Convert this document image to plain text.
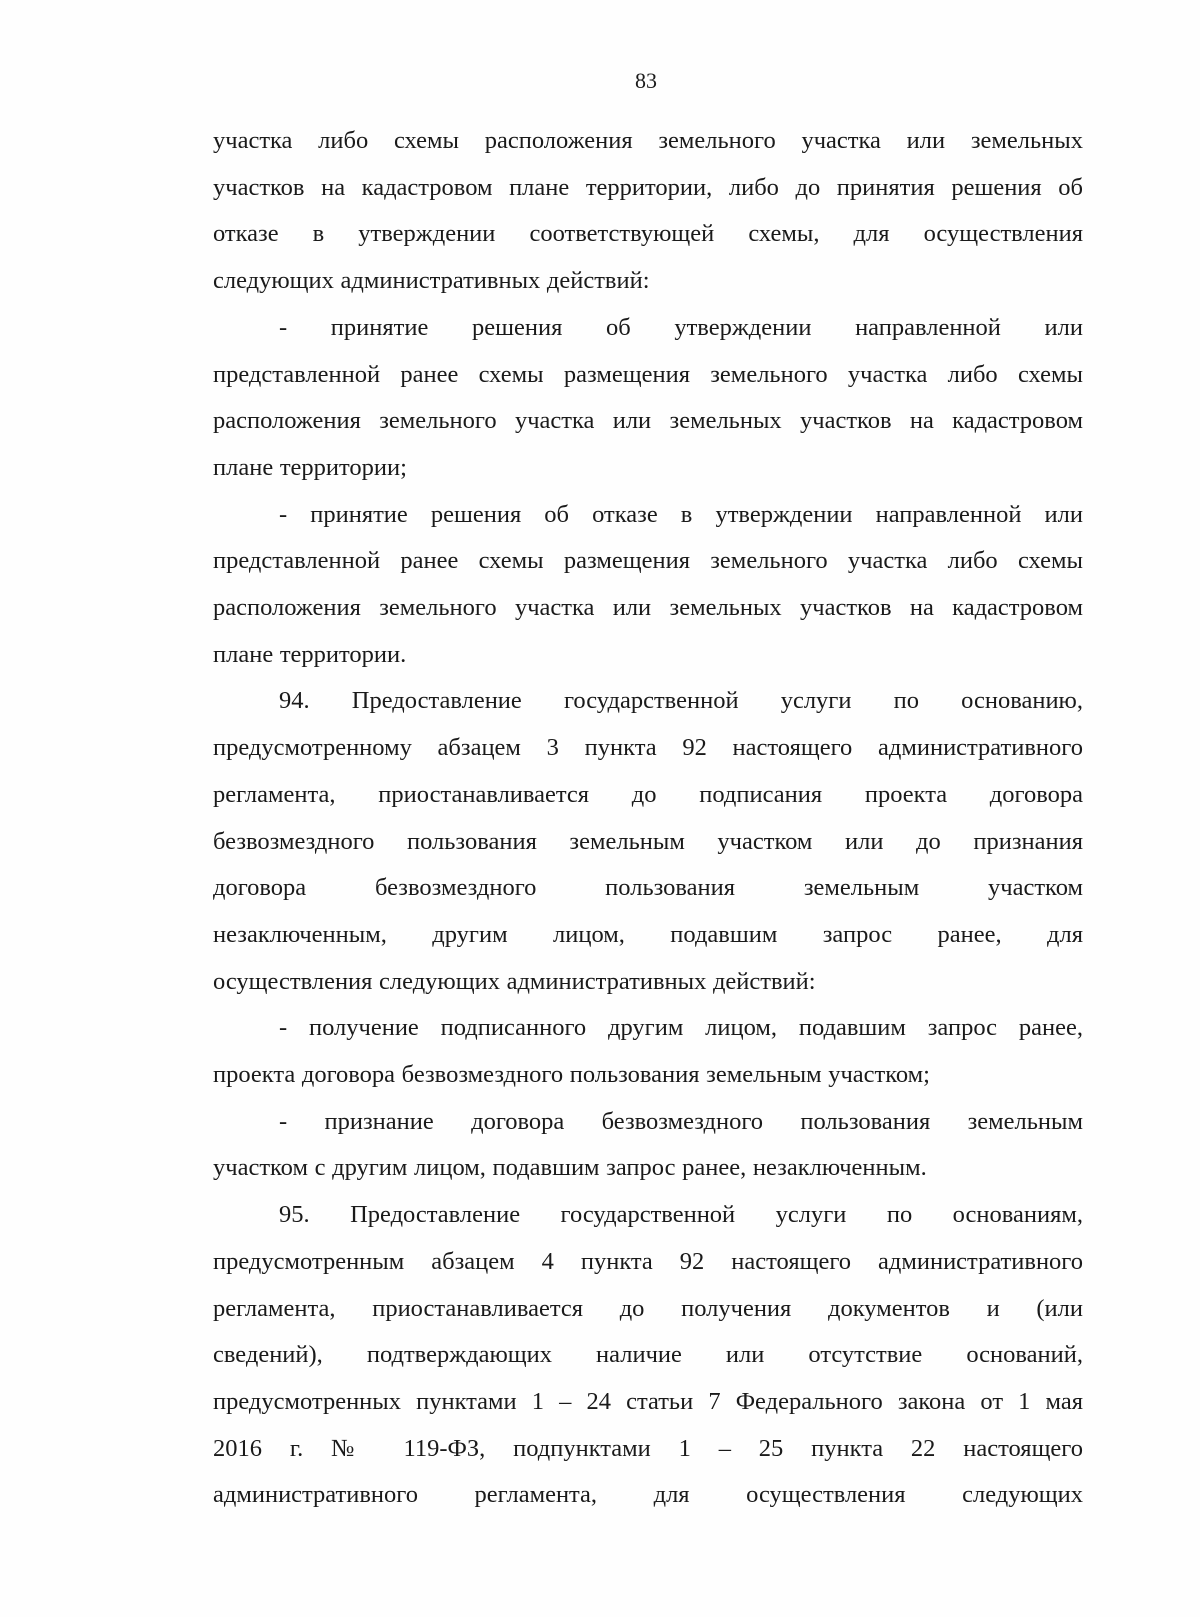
83
участка либо схемы расположения земельного участка или земельных
участков на кадастровом плане территории, либо до принятия решения об
отказе в утверждении соответствующей схемы, для осуществления
следующих административных действий:
- принятие решения об утверждении направленной или
представленной ранее схемы размещения земельного участка либо схемы
расположения земельного участка или земельных участков на кадастровом
плане территории;
- принятие решения об отказе в утверждении направленной или
представленной ранее схемы размещения земельного участка либо схемы
расположения земельного участка или земельных участков на кадастровом
плане территории.
94. Предоставление государственной услуги по основанию,
предусмотренному абзацем 3 пункта 92 настоящего административного
регламента, приостанавливается до подписания проекта договора
безвозмездного пользования земельным участком или до признания
договора безвозмездного пользования земельным участком
незаключенным, другим лицом, подавшим запрос ранее, для
осуществления следующих административных действий:
- получение подписанного другим лицом, подавшим запрос ранее,
проекта договора безвозмездного пользования земельным участком;
- признание договора безвозмездного пользования земельным
участком с другим лицом, подавшим запрос ранее, незаключенным.
95. Предоставление государственной услуги по основаниям,
предусмотренным абзацем 4 пункта 92 настоящего административного
регламента, приостанавливается до получения документов и (или
сведений), подтверждающих наличие или отсутствие оснований,
предусмотренных пунктами 1 – 24 статьи 7 Федерального закона от 1 мая
2016 г. № 119-ФЗ, подпунктами 1 – 25 пункта 22 настоящего
административного регламента, для осуществления следующих
